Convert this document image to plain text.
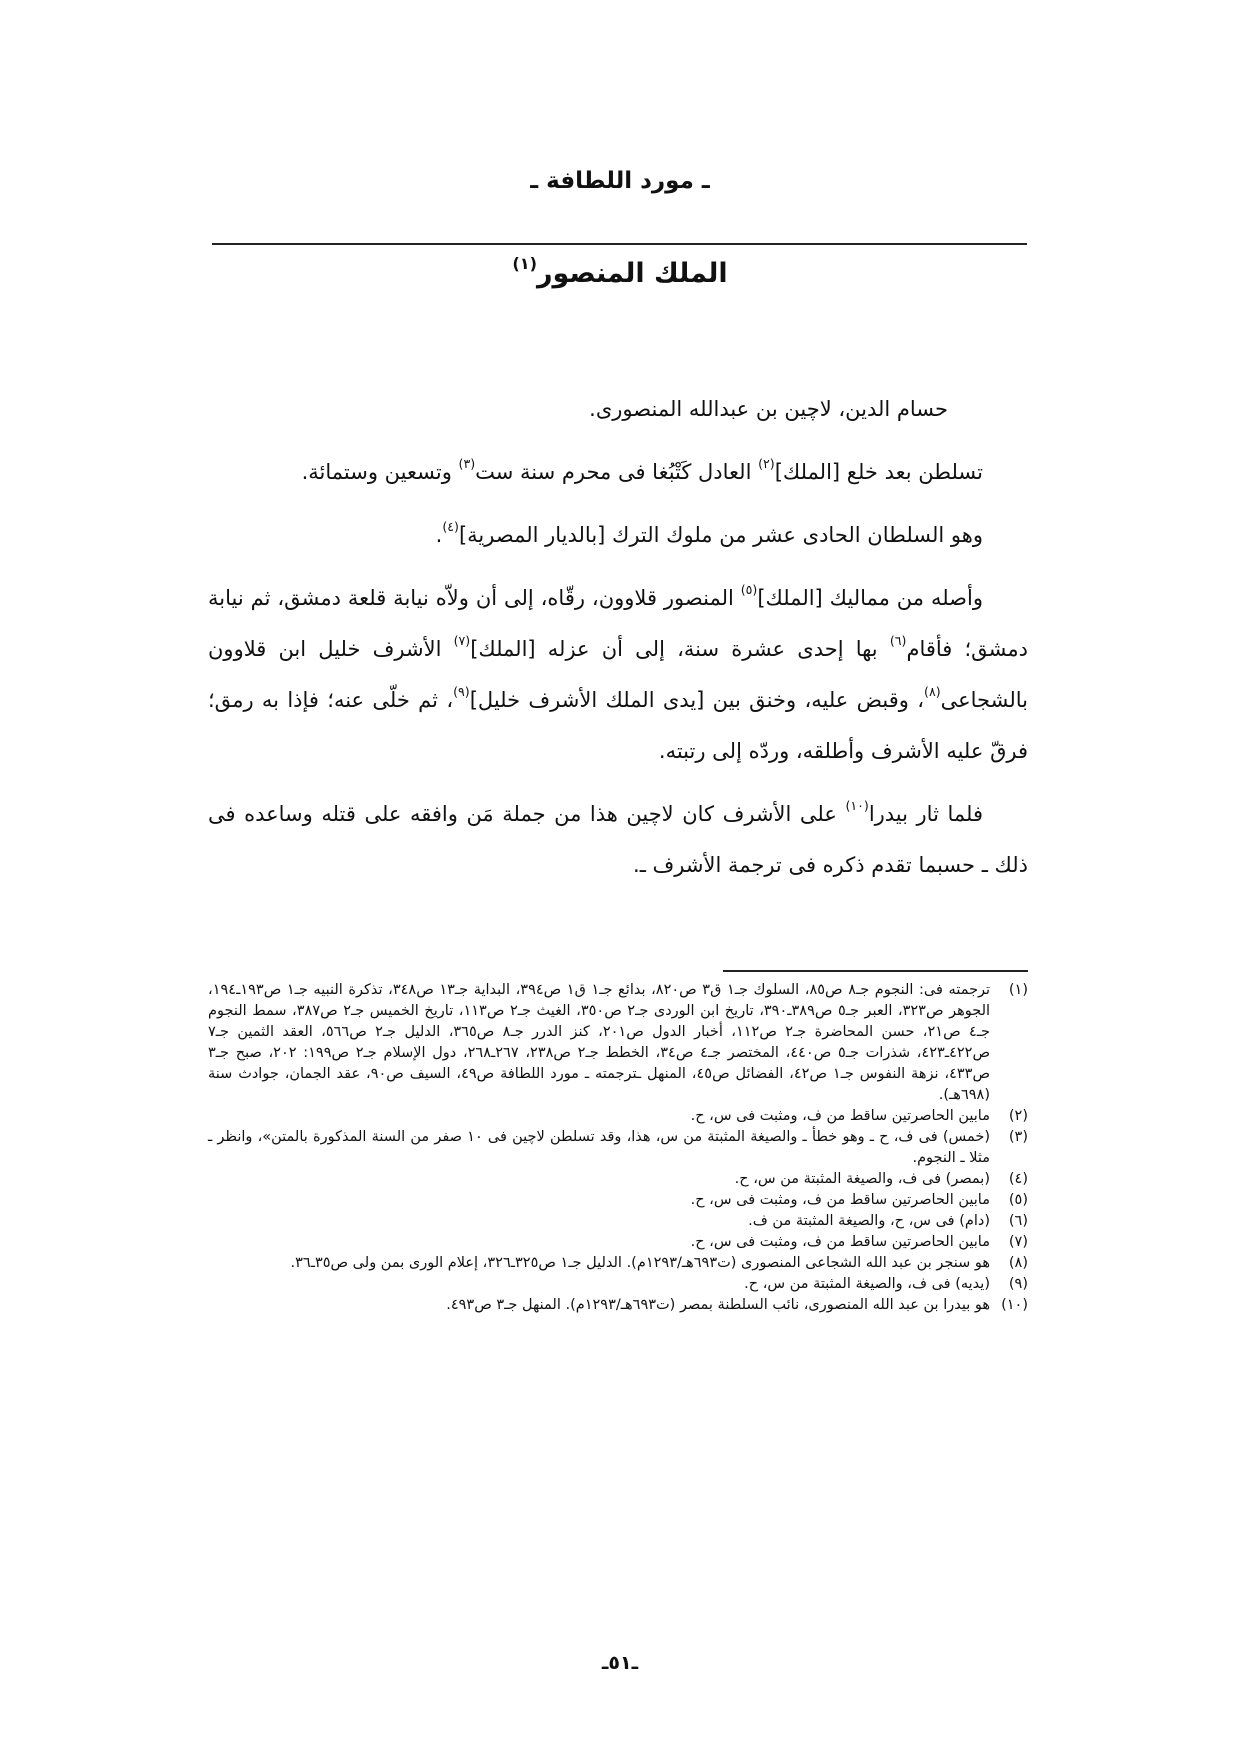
ـ مورد اللطافة ـ
الملك المنصور$^{(١)}$

حسام الدين، لاچين بن عبدالله المنصورى.

تسلطن بعد خلع [الملك]$^{(٢)}$ العادل كَتْبُغا فى محرم سنة ست$^{(٣)}$ وتسعين وستمائة.

وهو السلطان الحادى عشر من ملوك الترك [بالديار المصرية]$^{(٤)}$.

وأصله من مماليك [الملك]$^{(٥)}$ المنصور قلاوون، رقّاه، إلى أن ولاّه نيابة قلعة دمشق، ثم نيابة دمشق؛ فأقام$^{(٦)}$ بها إحدى عشرة سنة، إلى أن عزله [الملك]$^{(٧)}$ الأشرف خليل ابن قلاوون بالشجاعى$^{(٨)}$، وقبض عليه، وخنق بين [يدى الملك الأشرف خليل]$^{(٩)}$، ثم خلّى عنه؛ فإذا به رمق؛ فرقّ عليه الأشرف وأطلقه، وردّه إلى رتبته.

فلما ثار بيدرا$^{(١٠)}$ على الأشرف كان لاچين هذا من جملة مَن وافقه على قتله وساعده فى ذلك ـ حسبما تقدم ذكره فى ترجمة الأشرف ـ.

(١)
ترجمته فى: النجوم جـ٨ ص٨٥، السلوك جـ١ ق٣ ص٨٢٠، بدائع جـ١ ق١ ص٣٩٤، البداية جـ١٣ ص٣٤٨، تذكرة النبيه جـ١ ص١٩٣ـ١٩٤، الجوهر ص٣٢٣، العبر جـ٥ ص٣٨٩ـ٣٩٠، تاريخ ابن الوردى جـ٢ ص٣٥٠، الغيث جـ٢ ص١١٣، تاريخ الخميس جـ٢ ص٣٨٧، سمط النجوم جـ٤ ص٢١، حسن المحاضرة جـ٢ ص١١٢، أخبار الدول ص٢٠١، كنز الدرر جـ٨ ص٣٦٥، الدليل جـ٢ ص٥٦٦، العقد الثمين جـ٧ ص٤٢٢ـ٤٢٣، شذرات جـ٥ ص٤٤٠، المختصر جـ٤ ص٣٤، الخطط جـ٢ ص٢٣٨، ٢٦٧ـ٢٦٨، دول الإسلام جـ٢ ص١٩٩: ٢٠٢، صبح جـ٣ ص٤٣٣، نزهة النفوس جـ١ ص٤٢، الفضائل ص٤٥، المنهل ـترجمته ـ مورد اللطافة ص٤٩، السيف ص٩٠، عقد الجمان، جوادث سنة (٦٩٨هـ).
(٢)
مابين الحاصرتين ساقط من ف، ومثبت فى س، ح.
(٣)
(خمس) فى ف، ح ـ وهو خطأ ـ والصيغة المثبتة من س، هذا، وقد تسلطن لاچين فى ١٠ صفر من السنة المذكورة بالمتن»، وانظر ـ مثلا ـ النجوم.
(٤)
(بمصر) فى ف، والصيغة المثبتة من س، ح.
(٥)
مابين الحاصرتين ساقط من ف، ومثبت فى س، ح.
(٦)
(دام) فى س، ح، والصيغة المثبتة من ف.
(٧)
مابين الحاصرتين ساقط من ف، ومثبت فى س، ح.
(٨)
هو سنجر بن عبد الله الشجاعى المنصورى (ت٦٩٣هـ/١٢٩٣م). الدليل جـ١ ص٣٢٥ـ٣٢٦، إعلام الورى بمن ولى ص٣٥ـ٣٦.
(٩)
(يديه) فى ف، والصيغة المثبتة من س، ح.
(١٠)
هو بيدرا بن عبد الله المنصورى، نائب السلطنة بمصر (ت٦٩٣هـ/١٢٩٣م). المنهل جـ٣ ص٤٩٣.
ـ٥١ـ
